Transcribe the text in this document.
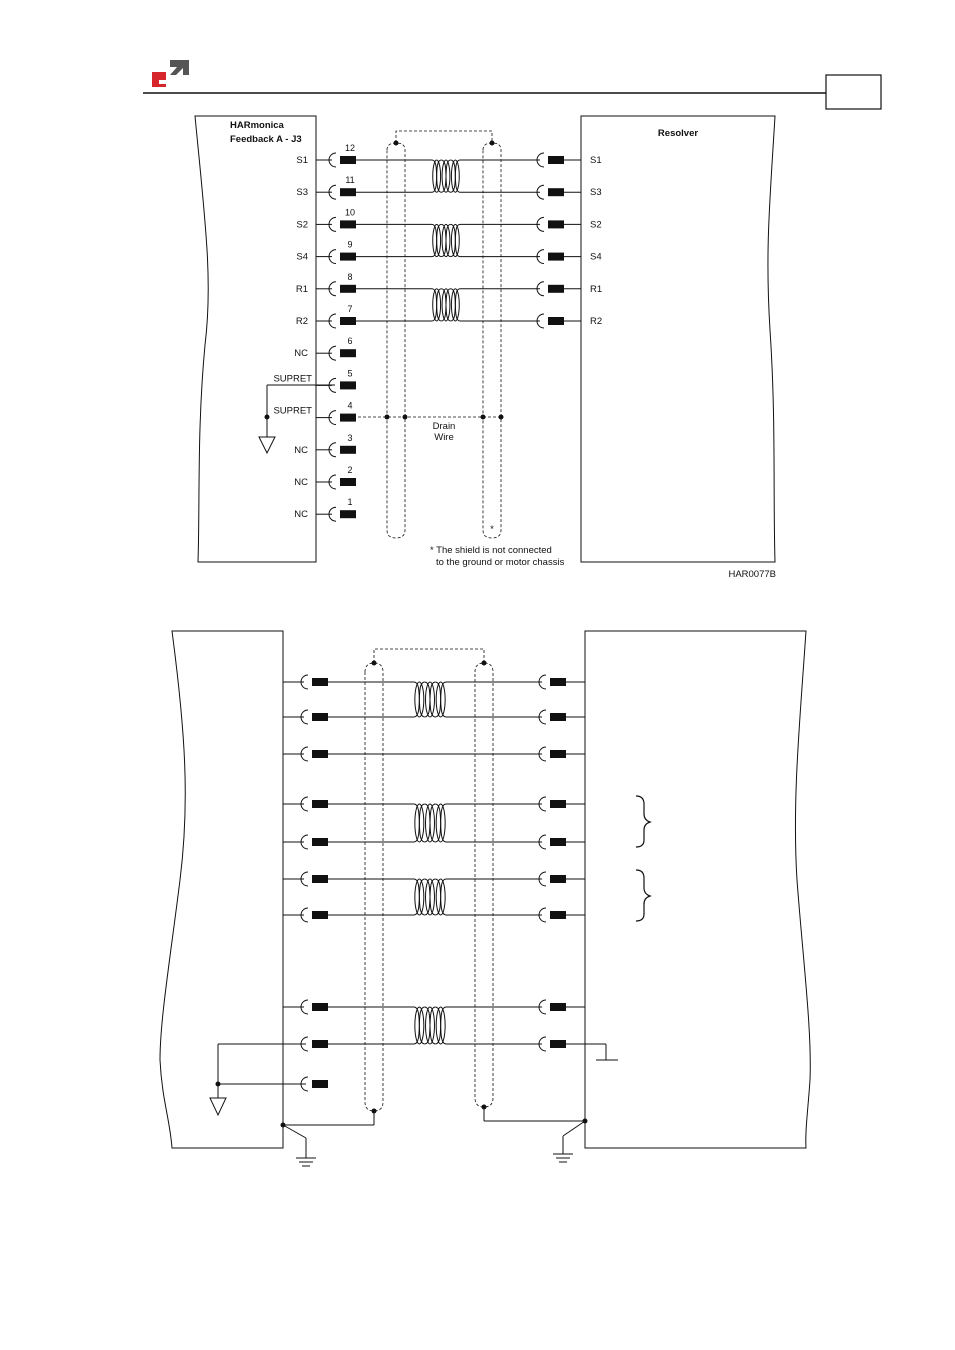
HARmonica
Feedback A - J3
Resolver
12
S1
11
S3
10
S2
9
S4
8
R1
7
R2
6
NC
5
SUPRET
4
SUPRET
3
NC
2
NC
1
NC
S1
S3
S2
S4
R1
R2
Drain
Wire
*
* The shield is not connected
to the ground or motor chassis
HAR0077B
